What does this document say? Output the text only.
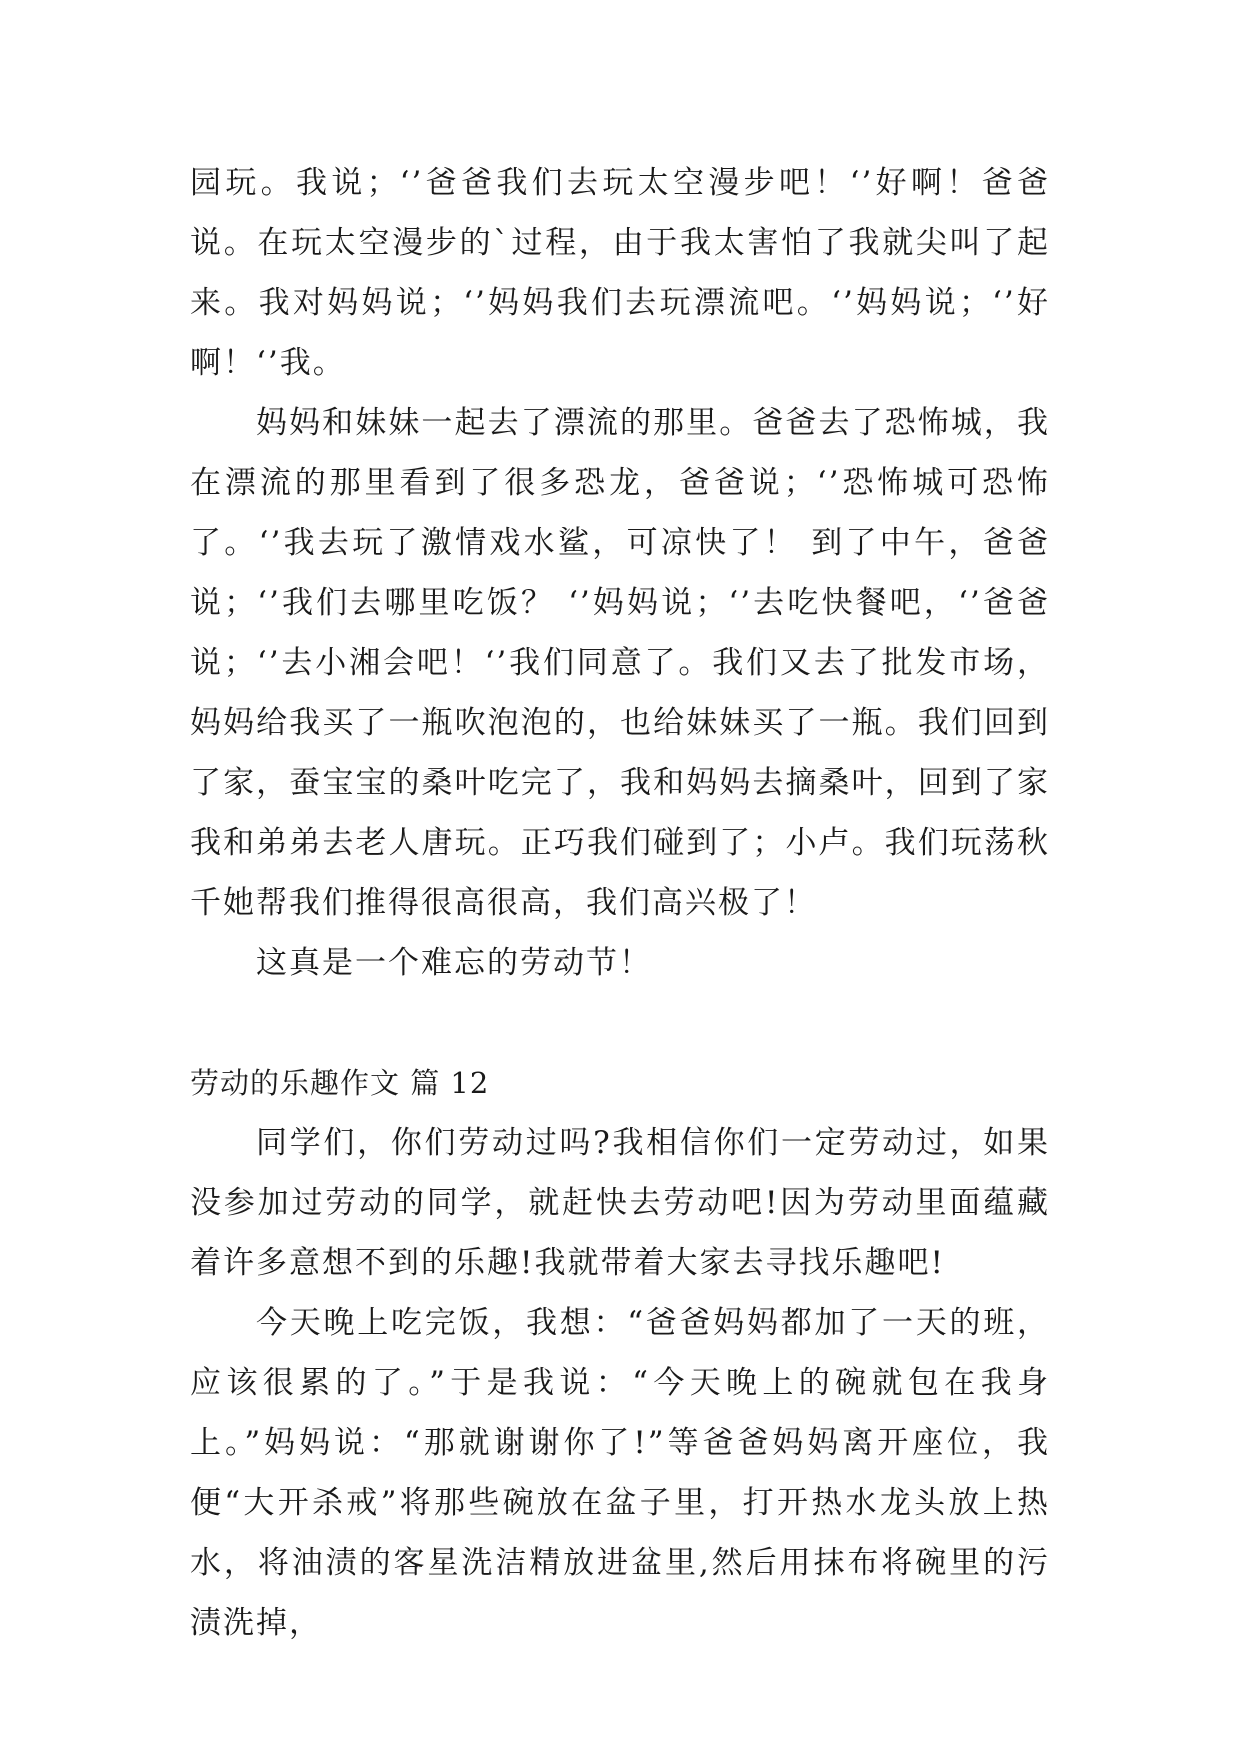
园玩。我说；‘’爸爸我们去玩太空漫步吧！‘’好啊！爸爸说。在玩太空漫步的`过程，由于我太害怕了我就尖叫了起来。我对妈妈说；‘’妈妈我们去玩漂流吧。‘’妈妈说；‘’好啊！‘’我。

妈妈和妹妹一起去了漂流的那里。爸爸去了恐怖城，我在漂流的那里看到了很多恐龙，爸爸说；‘’恐怖城可恐怖了。‘’我去玩了激情戏水鲨，可凉快了！ 到了中午，爸爸说；‘’我们去哪里吃饭？ ‘’妈妈说；‘’去吃快餐吧，‘’爸爸说；‘’去小湘会吧！‘’我们同意了。我们又去了批发市场，妈妈给我买了一瓶吹泡泡的，也给妹妹买了一瓶。我们回到了家，蚕宝宝的桑叶吃完了，我和妈妈去摘桑叶，回到了家我和弟弟去老人唐玩。正巧我们碰到了；小卢。我们玩荡秋千她帮我们推得很高很高，我们高兴极了！

这真是一个难忘的劳动节！

劳动的乐趣作文 篇 12

同学们，你们劳动过吗?我相信你们一定劳动过，如果没参加过劳动的同学，就赶快去劳动吧!因为劳动里面蕴藏着许多意想不到的乐趣!我就带着大家去寻找乐趣吧!

今天晚上吃完饭，我想：“爸爸妈妈都加了一天的班，应该很累的了。”于是我说：“今天晚上的碗就包在我身上。”妈妈说：“那就谢谢你了!”等爸爸妈妈离开座位，我便“大开杀戒”将那些碗放在盆子里，打开热水龙头放上热水，将油渍的客星洗洁精放进盆里,然后用抹布将碗里的污渍洗掉，
